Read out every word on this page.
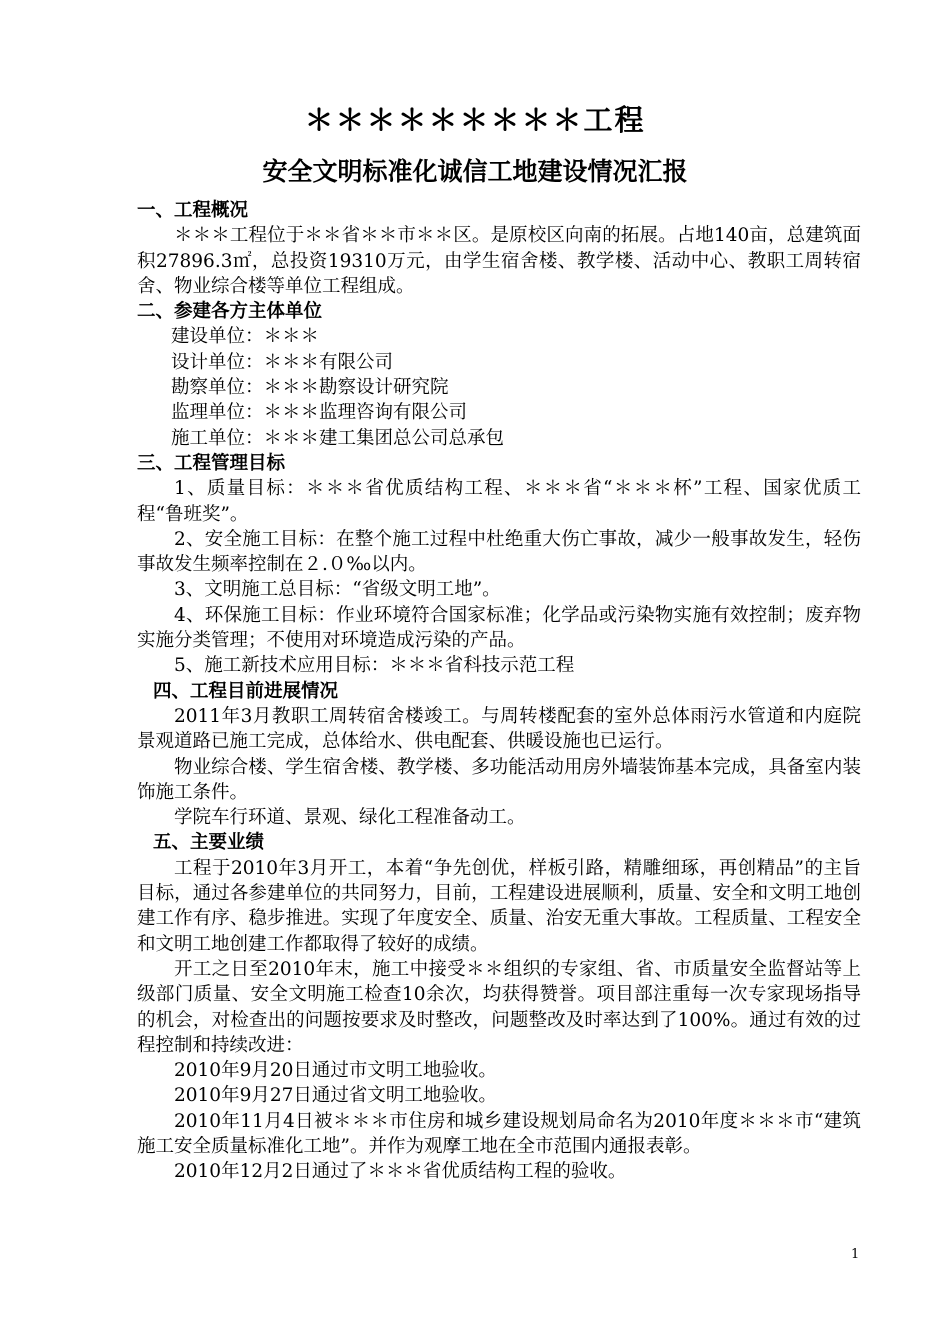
＊＊＊＊＊＊＊＊＊工程
安全文明标准化诚信工地建设情况汇报

一、工程概况

＊＊＊工程位于＊＊省＊＊市＊＊区。是原校区向南的拓展。占地140亩，总建筑面积27896.3㎡，总投资19310万元，由学生宿舍楼、教学楼、活动中心、教职工周转宿舍、物业综合楼等单位工程组成。

二、参建各方主体单位

建设单位：＊＊＊

设计单位：＊＊＊有限公司

勘察单位：＊＊＊勘察设计研究院

监理单位：＊＊＊监理咨询有限公司

施工单位：＊＊＊建工集团总公司总承包

三、工程管理目标

1、质量目标：＊＊＊省优质结构工程、＊＊＊省“＊＊＊杯”工程、国家优质工程“鲁班奖”。

2、安全施工目标：在整个施工过程中杜绝重大伤亡事故，减少一般事故发生，轻伤事故发生频率控制在２.０‰以内。

3、文明施工总目标：“省级文明工地”。

4、环保施工目标：作业环境符合国家标准；化学品或污染物实施有效控制；废弃物实施分类管理；不使用对环境造成污染的产品。

5、施工新技术应用目标：＊＊＊省科技示范工程

四、工程目前进展情况

2011年3月教职工周转宿舍楼竣工。与周转楼配套的室外总体雨污水管道和内庭院景观道路已施工完成，总体给水、供电配套、供暖设施也已运行。

物业综合楼、学生宿舍楼、教学楼、多功能活动用房外墙装饰基本完成，具备室内装饰施工条件。

学院车行环道、景观、绿化工程准备动工。

五、主要业绩

工程于2010年3月开工，本着“争先创优，样板引路，精雕细琢，再创精品”的主旨目标，通过各参建单位的共同努力，目前，工程建设进展顺利，质量、安全和文明工地创建工作有序、稳步推进。实现了年度安全、质量、治安无重大事故。工程质量、工程安全和文明工地创建工作都取得了较好的成绩。

开工之日至2010年末，施工中接受＊＊组织的专家组、省、市质量安全监督站等上级部门质量、安全文明施工检查10余次，均获得赞誉。项目部注重每一次专家现场指导的机会，对检查出的问题按要求及时整改，问题整改及时率达到了100%。通过有效的过程控制和持续改进：

2010年9月20日通过市文明工地验收。

2010年9月27日通过省文明工地验收。

2010年11月4日被＊＊＊市住房和城乡建设规划局命名为2010年度＊＊＊市“建筑施工安全质量标准化工地”。并作为观摩工地在全市范围内通报表彰。

2010年12月2日通过了＊＊＊省优质结构工程的验收。

1
